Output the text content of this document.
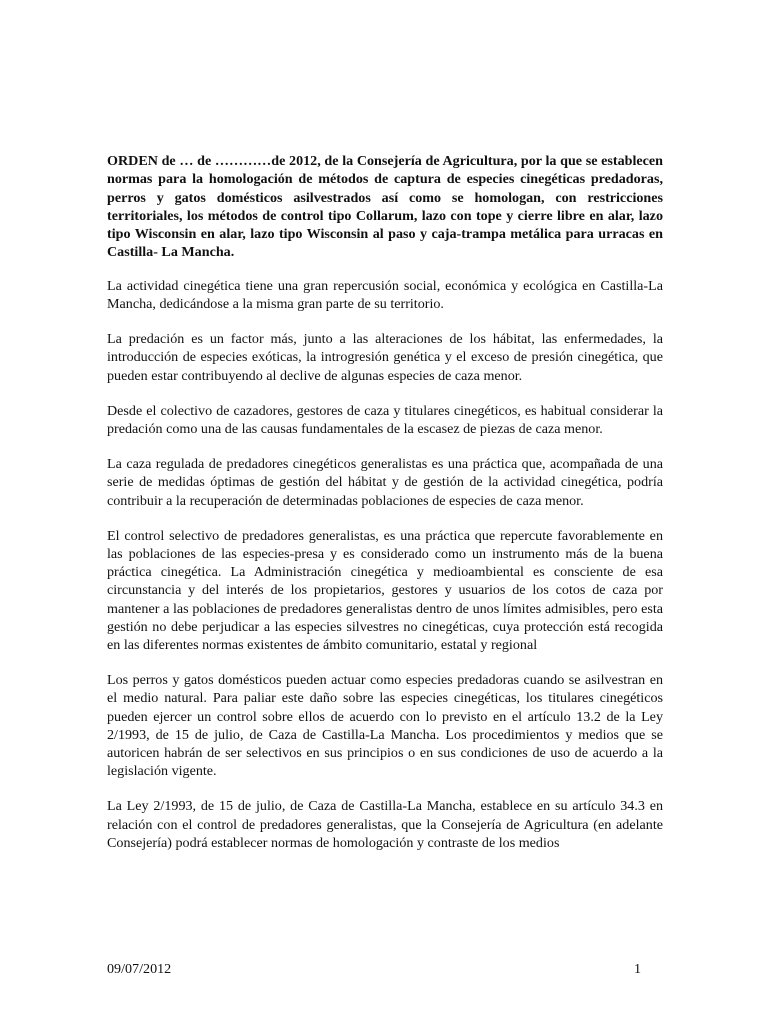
ORDEN de … de …………de 2012, de la Consejería de Agricultura, por la que se establecen normas para la homologación de métodos de captura de especies cinegéticas predadoras, perros y gatos domésticos asilvestrados así como se homologan, con restricciones territoriales, los métodos de control tipo Collarum, lazo con tope y cierre libre en alar, lazo tipo Wisconsin en alar, lazo tipo Wisconsin al paso y caja-trampa metálica para urracas en Castilla- La Mancha.

La actividad cinegética tiene una gran repercusión social, económica y ecológica en Castilla-La Mancha, dedicándose a la misma gran parte de su territorio.

La predación es un factor más, junto a las alteraciones de los hábitat, las enfermedades, la introducción de especies exóticas, la introgresión genética y el exceso de presión cinegética, que pueden estar contribuyendo al declive de algunas especies de caza menor.

Desde el colectivo de cazadores, gestores de caza y titulares cinegéticos, es habitual considerar la predación como una de las causas fundamentales de la escasez de piezas de caza menor.

La caza regulada de predadores cinegéticos generalistas es una práctica que, acompañada de una serie de medidas óptimas de gestión del hábitat y de gestión de la actividad cinegética, podría contribuir a la recuperación de determinadas poblaciones de especies de caza menor.

El control selectivo de predadores generalistas, es una práctica que repercute favorablemente en las poblaciones de las especies-presa y es considerado como un instrumento más de la buena práctica cinegética. La Administración cinegética y medioambiental es consciente de esa circunstancia y del interés de los propietarios, gestores y usuarios de los cotos de caza por mantener a las poblaciones de predadores generalistas dentro de unos límites admisibles, pero esta gestión no debe perjudicar a las especies silvestres no cinegéticas, cuya protección está recogida en las diferentes normas existentes de ámbito comunitario, estatal y regional

Los perros y gatos domésticos pueden actuar como especies predadoras cuando se asilvestran en el medio natural. Para paliar este daño sobre las especies cinegéticas, los titulares cinegéticos pueden ejercer un control sobre ellos de acuerdo con lo previsto en el artículo 13.2 de la Ley 2/1993, de 15 de julio, de Caza de Castilla-La Mancha. Los procedimientos y medios que se autoricen habrán de ser selectivos en sus principios o en sus condiciones de uso de acuerdo a la legislación vigente.

La Ley 2/1993, de 15 de julio, de Caza de Castilla-La Mancha, establece en su artículo 34.3 en relación con el control de predadores generalistas, que la Consejería de Agricultura (en adelante Consejería) podrá establecer normas de homologación y contraste de los medios

09/07/2012	1
